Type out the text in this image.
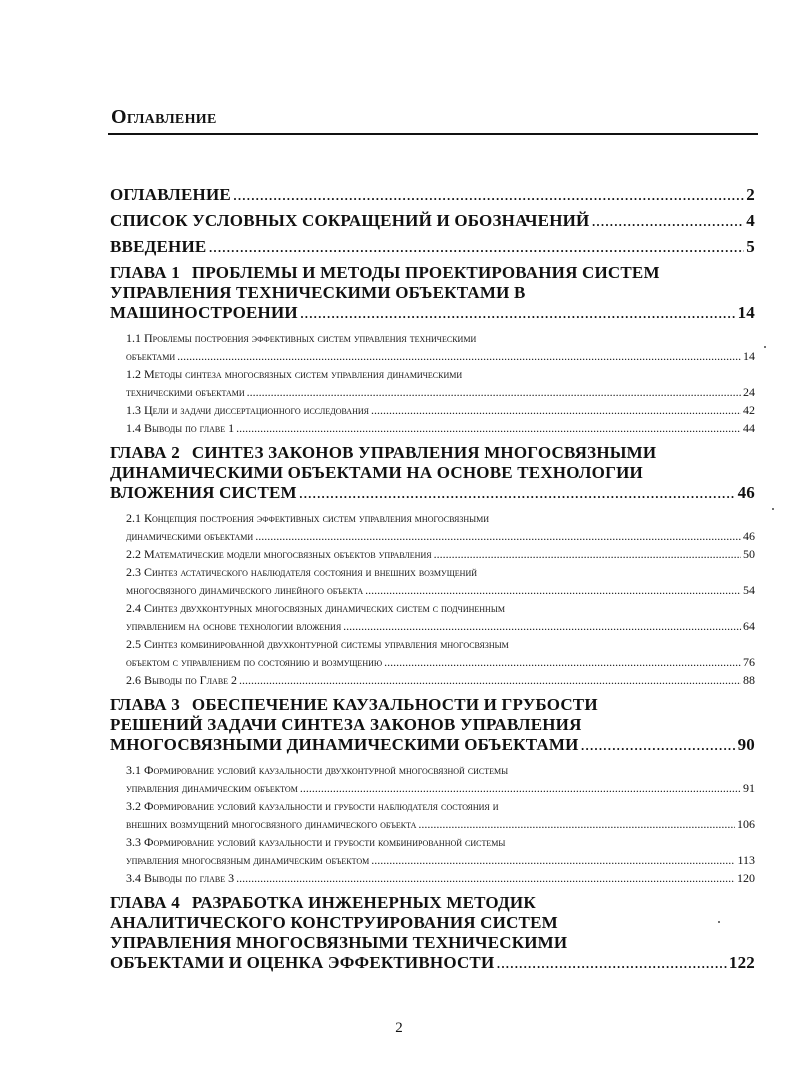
Оглавление
ОГЛАВЛЕНИЕ .....	2
СПИСОК УСЛОВНЫХ СОКРАЩЕНИЙ И ОБОЗНАЧЕНИЙ .....	4
ВВЕДЕНИЕ .....	5
ГЛАВА 1 ПРОБЛЕМЫ И МЕТОДЫ ПРОЕКТИРОВАНИЯ СИСТЕМ
УПРАВЛЕНИЯ ТЕХНИЧЕСКИМИ ОБЪЕКТАМИ В
МАШИНОСТРОЕНИИ .....	14
1.1 Проблемы построения эффективных систем управления техническими
объектами .....	14
1.2 Методы синтеза многосвязных систем управления динамическими
техническими объектами .....	24
1.3 Цели и задачи диссертационного исследования .....	42
1.4 Выводы по главе 1 .....	44
ГЛАВА 2 СИНТЕЗ ЗАКОНОВ УПРАВЛЕНИЯ МНОГОСВЯЗНЫМИ
ДИНАМИЧЕСКИМИ ОБЪЕКТАМИ НА ОСНОВЕ ТЕХНОЛОГИИ
ВЛОЖЕНИЯ СИСТЕМ .....	46
2.1 Концепция построения эффективных систем управления многосвязными
динамическими объектами .....	46
2.2 Математические модели многосвязных объектов управления .....	50
2.3 Синтез астатического наблюдателя состояния и внешних возмущений
многосвязного динамического линейного объекта .....	54
2.4 Синтез двухконтурных многосвязных динамических систем с подчиненным
управлением на основе технологии вложения .....	64
2.5 Синтез комбинированной двухконтурной системы управления многосвязным
объектом с управлением по состоянию и возмущению .....	76
2.6 Выводы по Главе 2 .....	88
ГЛАВА 3 ОБЕСПЕЧЕНИЕ КАУЗАЛЬНОСТИ И ГРУБОСТИ
РЕШЕНИЙ ЗАДАЧИ СИНТЕЗА ЗАКОНОВ УПРАВЛЕНИЯ
МНОГОСВЯЗНЫМИ ДИНАМИЧЕСКИМИ ОБЪЕКТАМИ .....	90
3.1 Формирование условий каузальности двухконтурной многосвязной системы
управления динамическим объектом .....	91
3.2 Формирование условий каузальности и грубости наблюдателя состояния и
внешних возмущений многосвязного динамического объекта .....	106
3.3 Формирование условий каузальности и грубости комбинированной системы
управления многосвязным динамическим объектом .....	113
3.4 Выводы по главе 3 .....	120
ГЛАВА 4 РАЗРАБОТКА ИНЖЕНЕРНЫХ МЕТОДИК
АНАЛИТИЧЕСКОГО КОНСТРУИРОВАНИЯ СИСТЕМ
УПРАВЛЕНИЯ МНОГОСВЯЗНЫМИ ТЕХНИЧЕСКИМИ
ОБЪЕКТАМИ И ОЦЕНКА ЭФФЕКТИВНОСТИ .....	122
2
